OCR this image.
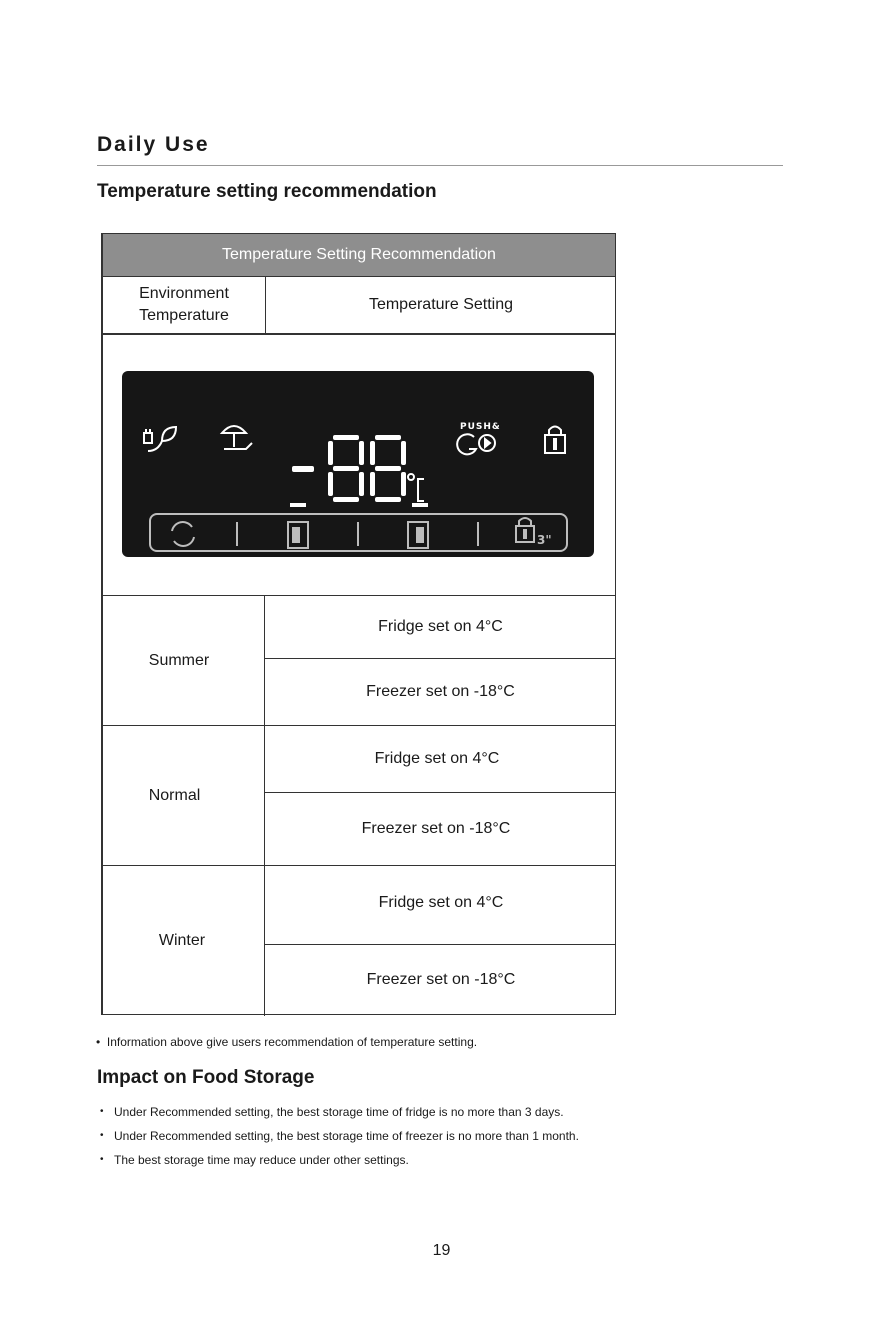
Daily Use
Temperature setting recommendation
Temperature Setting Recommendation
Environment
Temperature
Temperature Setting
PUSH&
3"
Summer
Fridge set on 4°C
Freezer set on -18°C
Normal
Fridge set on 4°C
Freezer set on -18°C
Winter
Fridge set on 4°C
Freezer set on -18°C
•  Information above give users recommendation of temperature setting.
Impact on Food Storage
• Under Recommended setting, the best storage time of fridge is no more than 3 days.
• Under Recommended setting, the best storage time of freezer is no more than 1 month.
• The best storage time may reduce under other settings.
19
